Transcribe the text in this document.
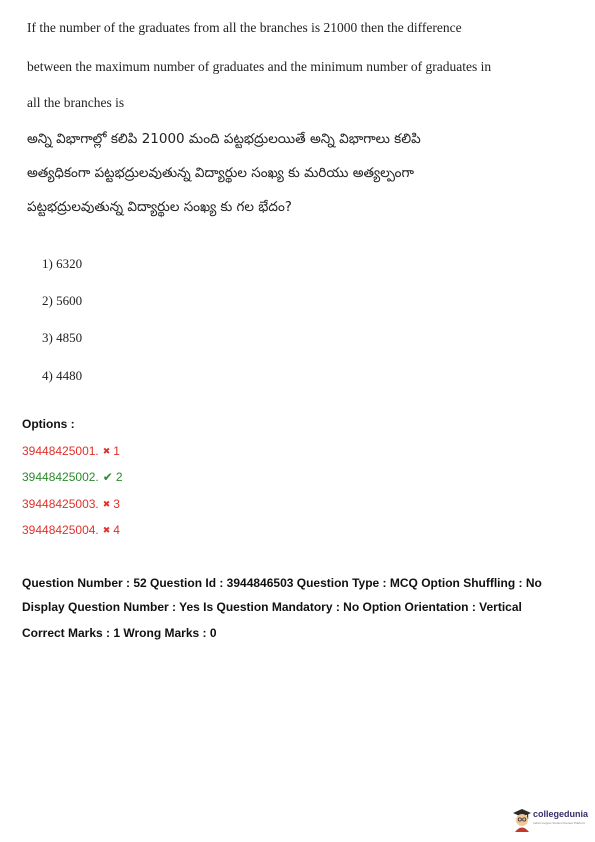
If the number of the graduates from all the branches is 21000 then the difference
between the maximum number of graduates and the minimum number of graduates in
all the branches is
అన్ని విభాగాల్లో కలిపి 21000 మంది పట్టభద్రులయితే అన్ని విభాగాలు కలిపి
అత్యధికంగా పట్టభద్రులవుతున్న విద్యార్థుల సంఖ్య కు మరియు అత్యల్పంగా
పట్టభద్రులవుతున్న విద్యార్థుల సంఖ్య కు గల భేదం?
1) 6320
2) 5600
3) 4850
4) 4480
Options :
39448425001. ✖ 1
39448425002. ✔ 2
39448425003. ✖ 3
39448425004. ✖ 4
Question Number : 52 Question Id : 3944846503 Question Type : MCQ Option Shuffling : No
Display Question Number : Yes Is Question Mandatory : No Option Orientation : Vertical
Correct Marks : 1 Wrong Marks : 0
collegedunia
India's largest Student Review Platform
